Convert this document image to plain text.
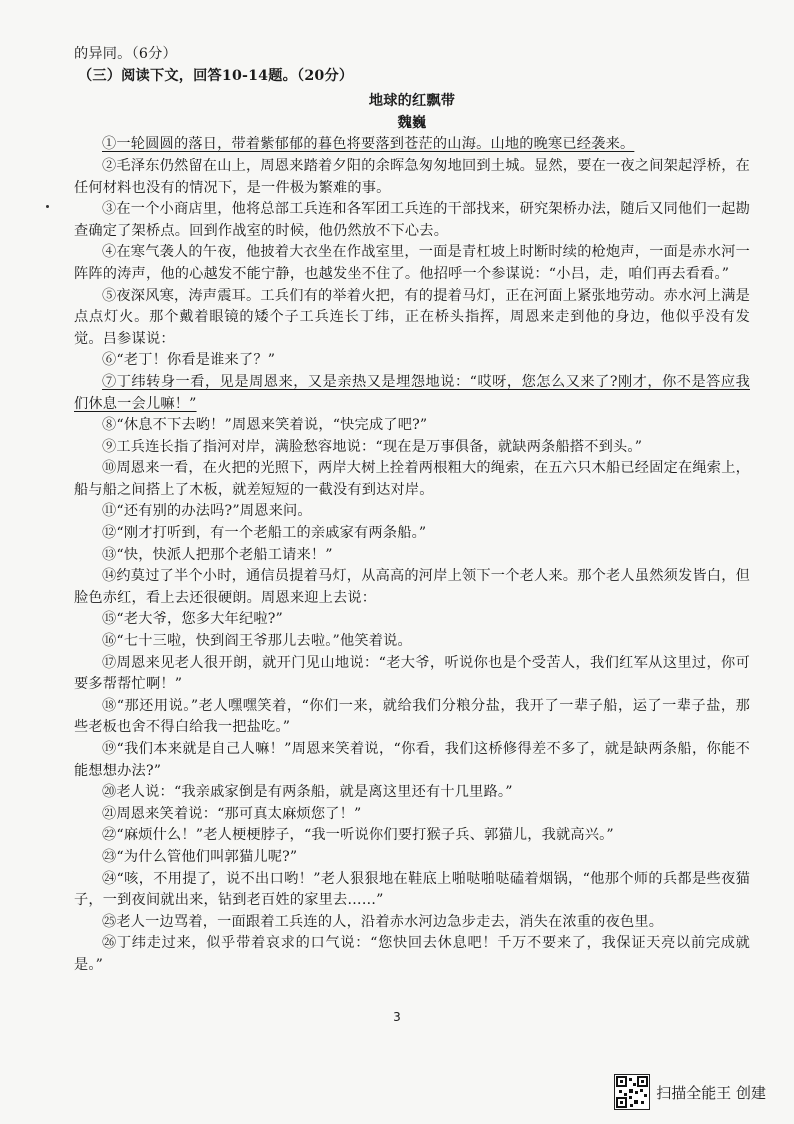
的异同。（6分）
（三）阅读下文，回答10-14题。（20分）
地球的红飘带
魏巍
①一轮圆圆的落日，带着紫郁郁的暮色将要落到苍茫的山海。山地的晚寒已经袭来。
②毛泽东仍然留在山上，周恩来踏着夕阳的余晖急匆匆地回到土城。显然，要在一夜之间架起浮桥，在任何材料也没有的情况下，是一件极为繁难的事。
③在一个小商店里，他将总部工兵连和各军团工兵连的干部找来，研究架桥办法，随后又同他们一起勘查确定了架桥点。回到作战室的时候，他仍然放不下心去。
④在寒气袭人的午夜，他披着大衣坐在作战室里，一面是青杠坡上时断时续的枪炮声，一面是赤水河一阵阵的涛声，他的心越发不能宁静，也越发坐不住了。他招呼一个参谋说：“小吕，走，咱们再去看看。”
⑤夜深风寒，涛声震耳。工兵们有的举着火把，有的提着马灯，正在河面上紧张地劳动。赤水河上满是点点灯火。那个戴着眼镜的矮个子工兵连长丁纬，正在桥头指挥，周恩来走到他的身边，他似乎没有发觉。吕参谋说：
⑥“老丁！你看是谁来了？”
⑦丁纬转身一看，见是周恩来，又是亲热又是埋怨地说：“哎呀，您怎么又来了?刚才，你不是答应我们休息一会儿嘛！”
⑧“休息不下去哟！”周恩来笑着说，“快完成了吧?”
⑨工兵连长指了指河对岸，满脸愁容地说：“现在是万事俱备，就缺两条船搭不到头。”
⑩周恩来一看，在火把的光照下，两岸大树上拴着两根粗大的绳索，在五六只木船已经固定在绳索上，船与船之间搭上了木板，就差短短的一截没有到达对岸。
⑪“还有别的办法吗?”周恩来问。
⑫“刚才打听到，有一个老船工的亲戚家有两条船。”
⑬“快，快派人把那个老船工请来！”
⑭约莫过了半个小时，通信员提着马灯，从高高的河岸上领下一个老人来。那个老人虽然须发皆白，但脸色赤红，看上去还很硬朗。周恩来迎上去说：
⑮“老大爷，您多大年纪啦?”
⑯“七十三啦，快到阎王爷那儿去啦。”他笑着说。
⑰周恩来见老人很开朗，就开门见山地说：“老大爷，听说你也是个受苦人，我们红军从这里过，你可要多帮帮忙啊！”
⑱“那还用说。”老人嘿嘿笑着，“你们一来，就给我们分粮分盐，我开了一辈子船，运了一辈子盐，那些老板也舍不得白给我一把盐吃。”
⑲“我们本来就是自己人嘛！”周恩来笑着说，“你看，我们这桥修得差不多了，就是缺两条船，你能不能想想办法?”
⑳老人说：“我亲戚家倒是有两条船，就是离这里还有十几里路。”
㉑周恩来笑着说：“那可真太麻烦您了！”
㉒“麻烦什么！”老人梗梗脖子，“我一听说你们要打猴子兵、郭猫儿，我就高兴。”
㉓“为什么管他们叫郭猫儿呢?”
㉔“咳，不用提了，说不出口哟！”老人狠狠地在鞋底上啪哒啪哒磕着烟锅，“他那个师的兵都是些夜猫子，一到夜间就出来，钻到老百姓的家里去……”
㉕老人一边骂着，一面跟着工兵连的人，沿着赤水河边急步走去，消失在浓重的夜色里。
㉖丁纬走过来，似乎带着哀求的口气说：“您快回去休息吧！千万不要来了，我保证天亮以前完成就是。”
3
扫描全能王 创建
